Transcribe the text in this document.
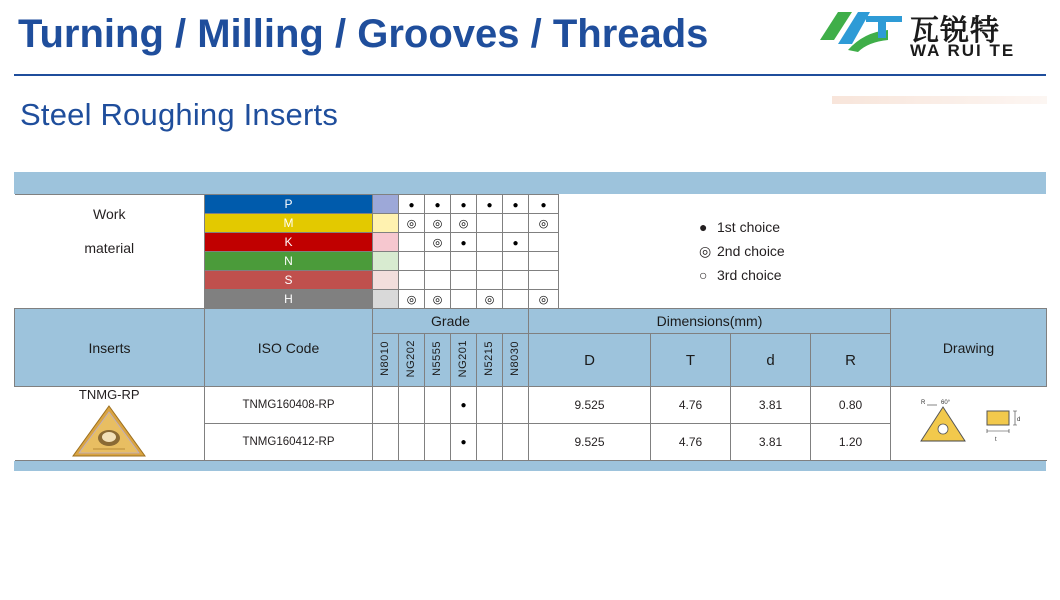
Turning / Milling / Grooves / Threads	瓦锐特
WA RUI TE
Steel Roughing Inserts
Work	P		●	●	●	●	●	●	● 1st choice
◎ 2nd choice
○ 3rd choice				

	M		◎	◎	◎			◎

material	K			◎	●		●	
	N												
	S												
	H		◎	◎		◎		◎
Inserts	ISO Code	Grade						Dimensions(mm)					Drawing
		N8010	NG202	N5555	NG201	N5215	N8030	D		T	d	R	

TNMG-RP	TNMG160408-RP				●			9.525		4.76	3.81	0.80	R 60°
d
t

	TNMG160412-RP				●			9.525		4.76	3.81	1.20	
